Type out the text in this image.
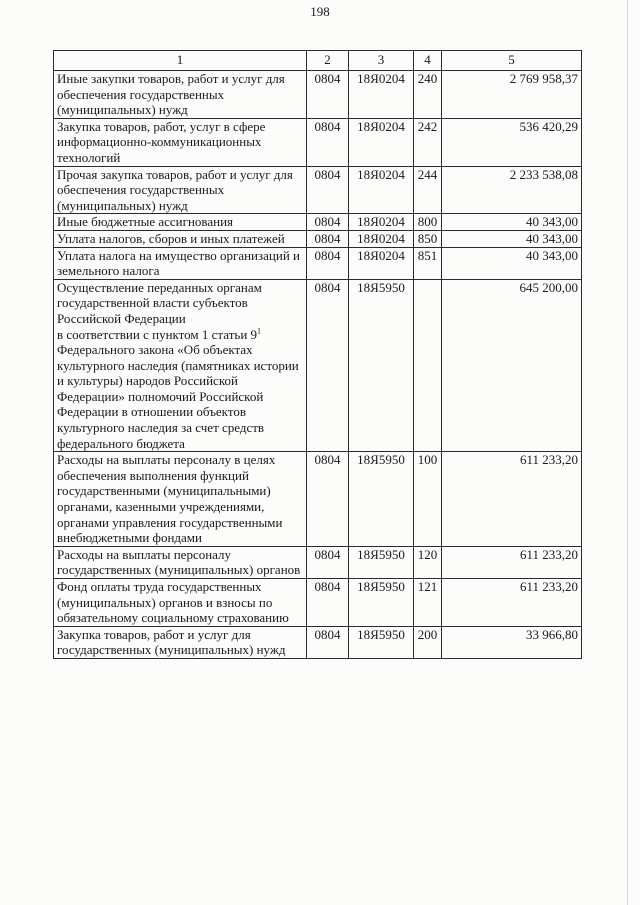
198
1	2	3	4	5
Иные закупки товаров, работ и услуг для обеспечения государственных (муниципальных) нужд	0804	18Я0204	240	2 769 958,37
Закупка товаров, работ, услуг в сфере информационно-коммуникационных технологий	0804	18Я0204	242	536 420,29
Прочая закупка товаров, работ и услуг для обеспечения государственных (муниципальных) нужд	0804	18Я0204	244	2 233 538,08
Иные бюджетные ассигнования	0804	18Я0204	800	40 343,00
Уплата налогов, сборов и иных платежей	0804	18Я0204	850	40 343,00
Уплата налога на имущество организаций и земельного налога	0804	18Я0204	851	40 343,00

Осуществление переданных органам государственной власти субъектов Российской Федерации
в соответствии с пунктом 1 статьи $9^1$
Федерального закона «Об объектах культурного наследия (памятниках истории и культуры) народов Российской Федерации» полномочий Российской Федерации в отношении объектов культурного наследия за счет средств федерального бюджета	0804	18Я5950		645 200,00
Расходы на выплаты персоналу в целях обеспечения выполнения функций государственными (муниципальными) органами, казенными учреждениями, органами управления государственными внебюджетными фондами	0804	18Я5950	100	611 233,20
Расходы на выплаты персоналу государственных (муниципальных) органов	0804	18Я5950	120	611 233,20
Фонд оплаты труда государственных (муниципальных) органов и взносы по обязательному социальному страхованию	0804	18Я5950	121	611 233,20
Закупка товаров, работ и услуг для государственных (муниципальных) нужд	0804	18Я5950	200	33 966,80
